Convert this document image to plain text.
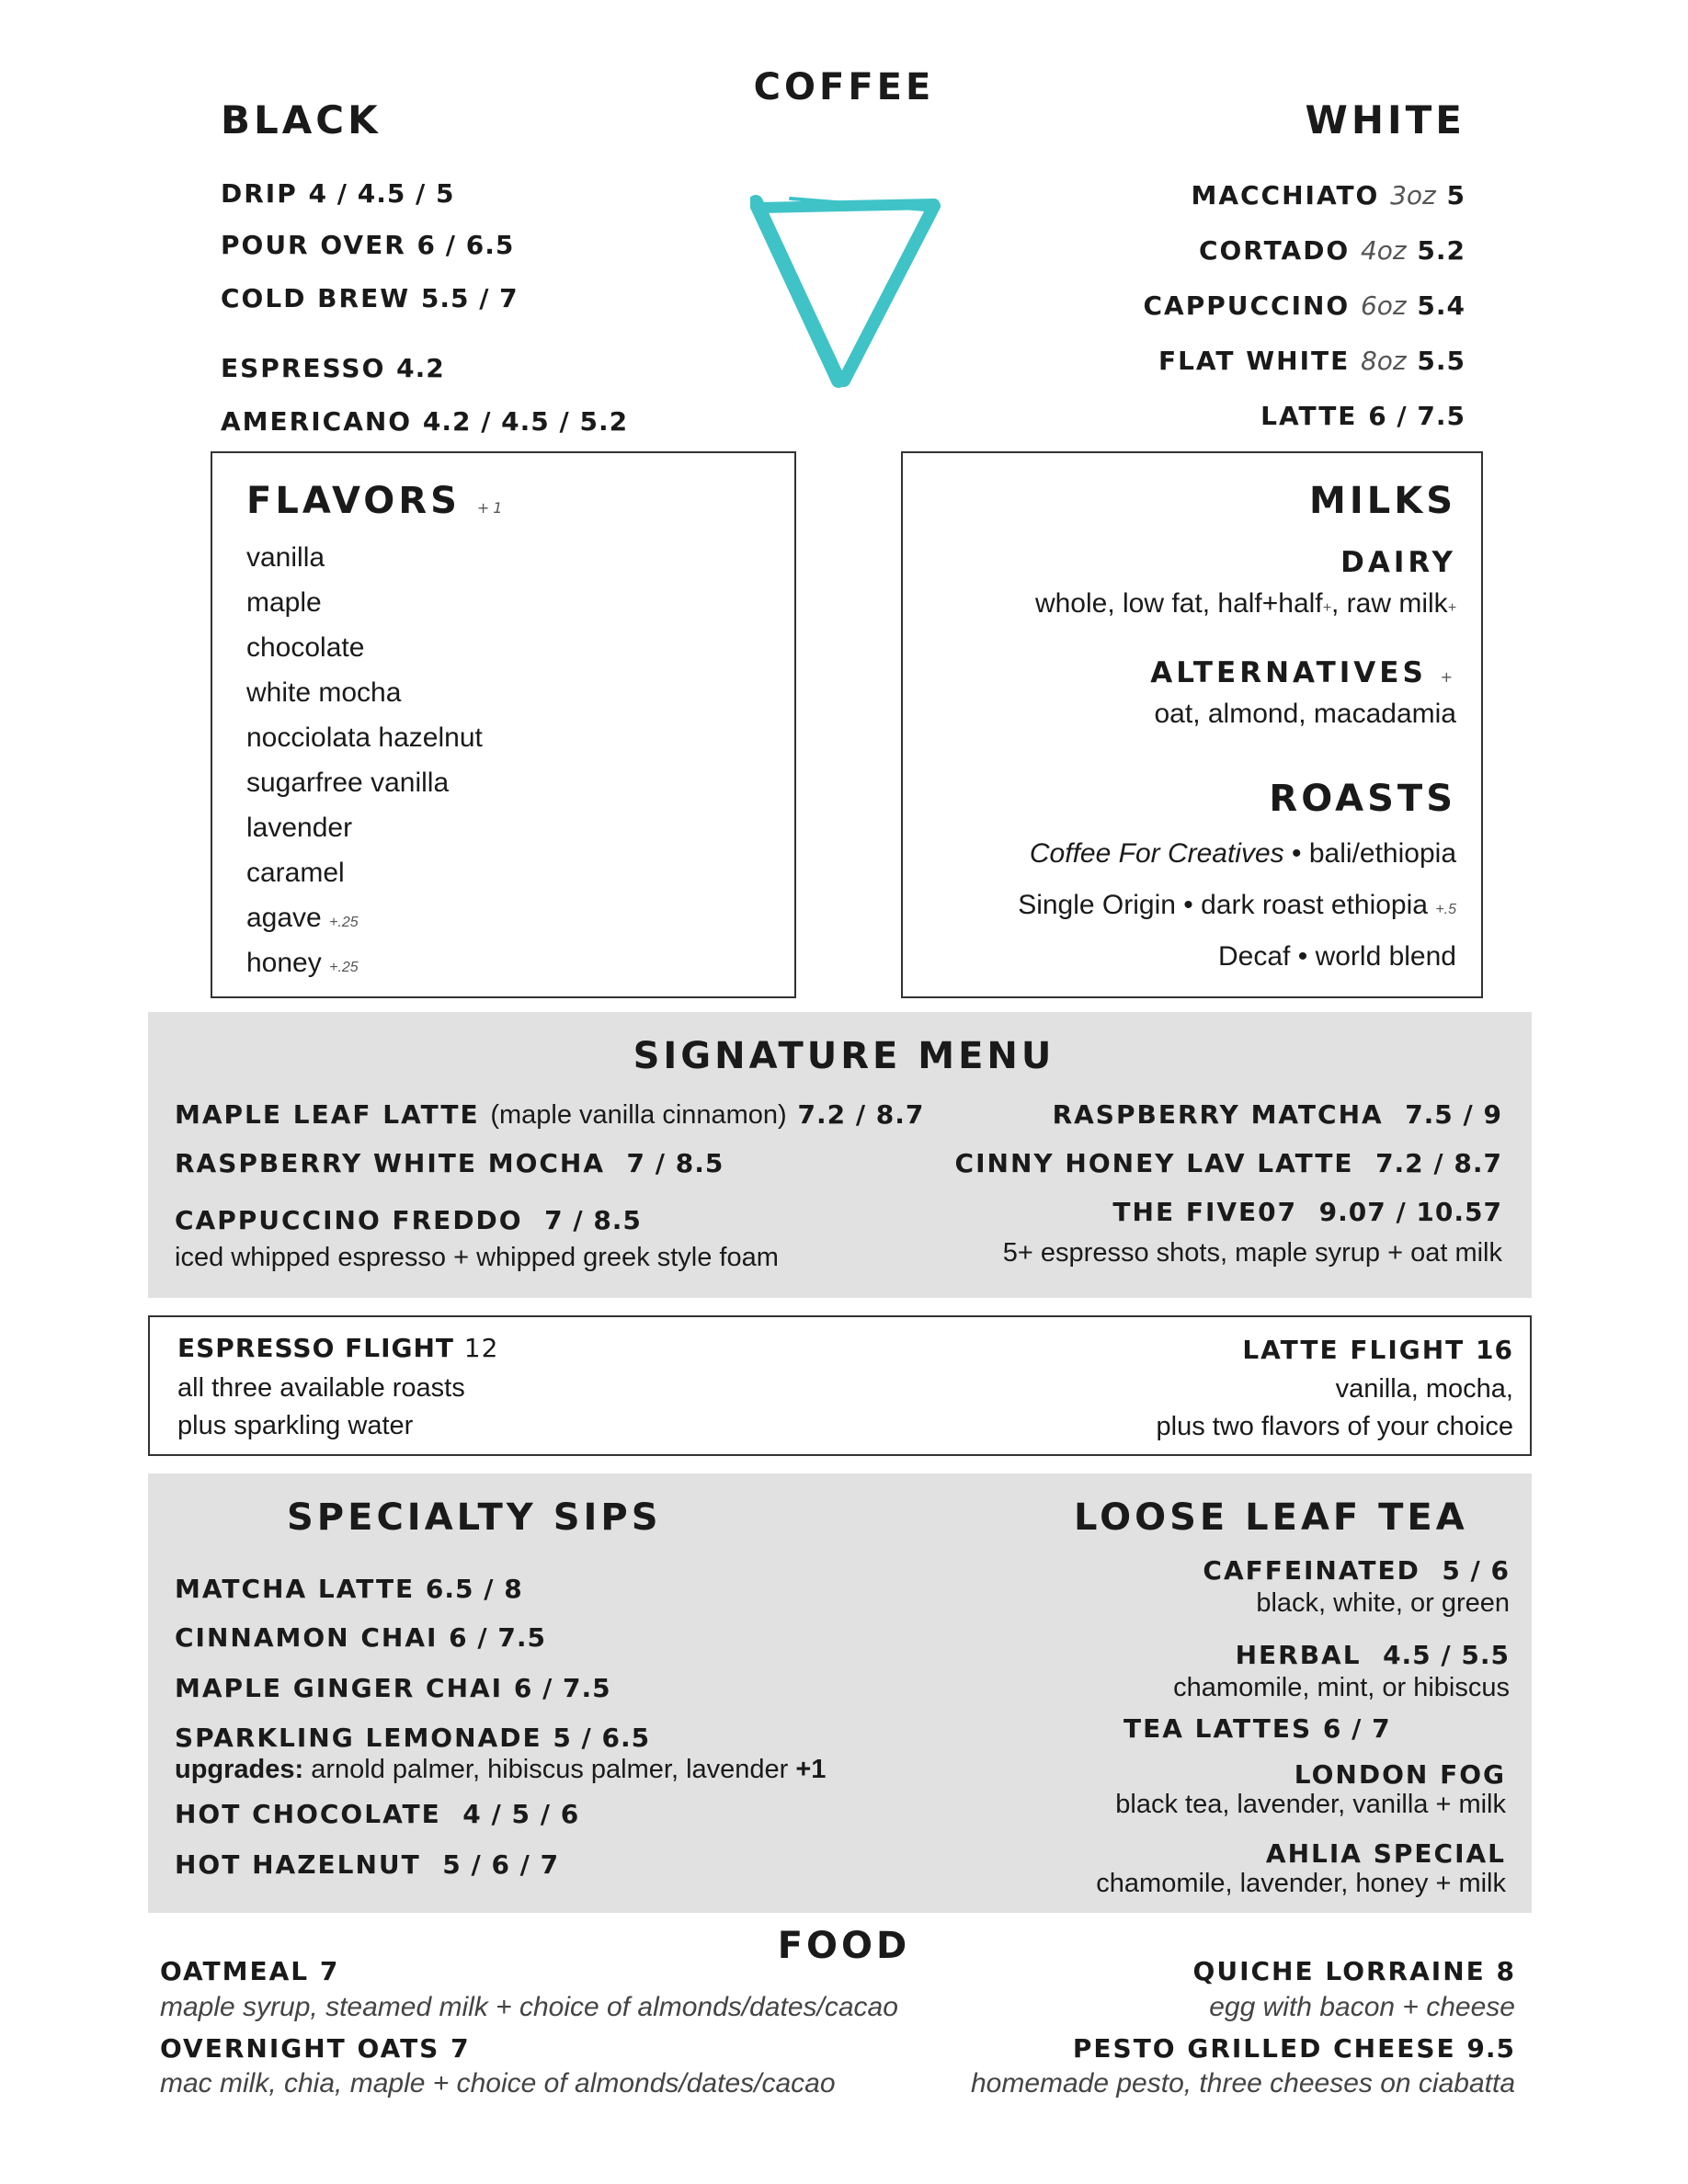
COFFEE
BLACK	WHITE
DRIP 4 / 4.5 / 5
POUR OVER 6 / 6.5
COLD BREW 5.5 / 7
ESPRESSO 4.2
AMERICANO 4.2 / 4.5 / 5.2
MACCHIATO 3oz 5
CORTADO 4oz 5.2
CAPPUCCINO 6oz 5.4
FLAT WHITE 8oz 5.5
LATTE 6 / 7.5
FLAVORS +1
vanilla
maple
chocolate
white mocha
nocciolata hazelnut
sugarfree vanilla
lavender
caramel
agave +.25
honey +.25
MILKS
DAIRY
whole, low fat, half+half+, raw milk+
ALTERNATIVES +
oat, almond, macadamia
ROASTS
Coffee For Creatives • bali/ethiopia
Single Origin • dark roast ethiopia +.5
Decaf • world blend
SIGNATURE MENU
MAPLE LEAF LATTE (maple vanilla cinnamon) 7.2 / 8.7
RASPBERRY WHITE MOCHA 7 / 8.5
CAPPUCCINO FREDDO 7 / 8.5
iced whipped espresso + whipped greek style foam
RASPBERRY MATCHA 7.5 / 9
CINNY HONEY LAV LATTE 7.2 / 8.7
THE FIVE07 9.07 / 10.57
5+ espresso shots, maple syrup + oat milk
ESPRESSO FLIGHT 12
all three available roasts
plus sparkling water
LATTE FLIGHT 16
vanilla, mocha,
plus two flavors of your choice
SPECIALTY SIPS
MATCHA LATTE 6.5 / 8
CINNAMON CHAI 6 / 7.5
MAPLE GINGER CHAI 6 / 7.5
SPARKLING LEMONADE 5 / 6.5
upgrades: arnold palmer, hibiscus palmer, lavender +1
HOT CHOCOLATE 4 / 5 / 6
HOT HAZELNUT 5 / 6 / 7
LOOSE LEAF TEA
CAFFEINATED 5 / 6
black, white, or green
HERBAL 4.5 / 5.5
chamomile, mint, or hibiscus
TEA LATTES 6 / 7
LONDON FOG
black tea, lavender, vanilla + milk
AHLIA SPECIAL
chamomile, lavender, honey + milk
FOOD
OATMEAL 7
maple syrup, steamed milk + choice of almonds/dates/cacao
OVERNIGHT OATS 7
mac milk, chia, maple + choice of almonds/dates/cacao
QUICHE LORRAINE 8
egg with bacon + cheese
PESTO GRILLED CHEESE 9.5
homemade pesto, three cheeses on ciabatta
